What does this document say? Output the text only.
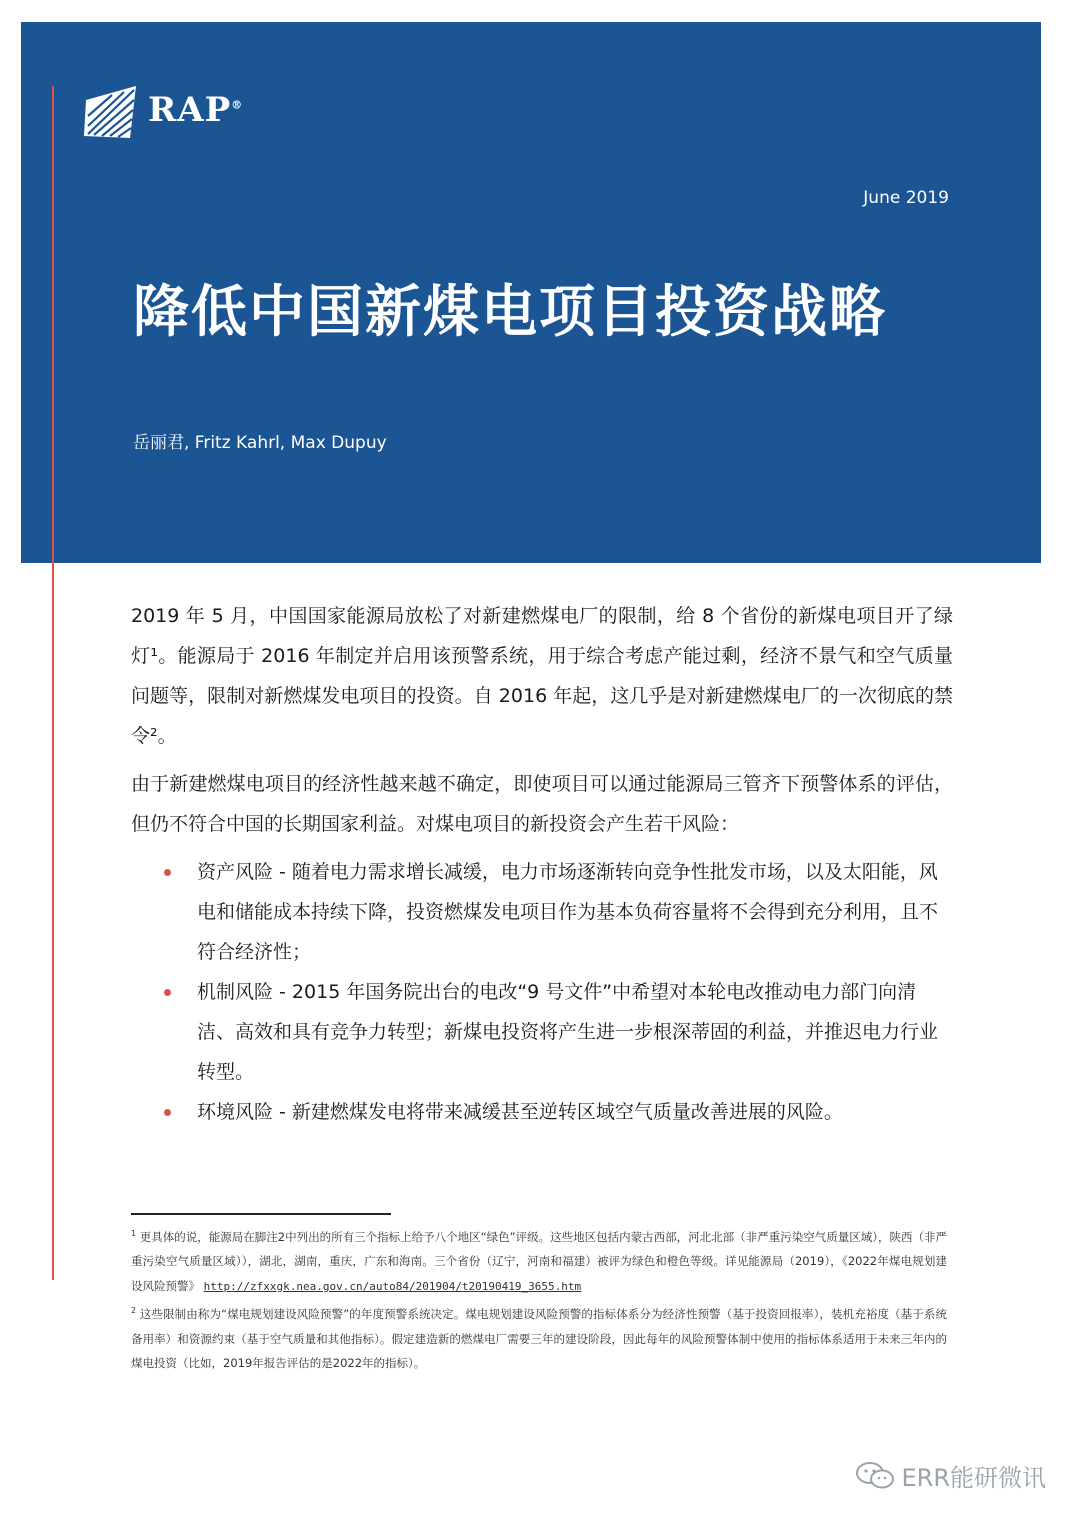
RAP®
June 2019
降低中国新煤电项目投资战略
岳丽君, Fritz Kahrl, Max Dupuy

2019 年 5 月，中国国家能源局放松了对新建燃煤电厂的限制，给 8 个省份的新煤电项目开了绿灯¹。能源局于 2016 年制定并启用该预警系统，用于综合考虑产能过剩，经济不景气和空气质量问题等，限制对新燃煤发电项目的投资。自 2016 年起，这几乎是对新建燃煤电厂的一次彻底的禁令²。

由于新建燃煤电项目的经济性越来越不确定，即使项目可以通过能源局三管齐下预警体系的评估，但仍不符合中国的长期国家利益。对煤电项目的新投资会产生若干风险：

资产风险 - 随着电力需求增长减缓，电力市场逐渐转向竞争性批发市场，以及太阳能，风电和储能成本持续下降，投资燃煤发电项目作为基本负荷容量将不会得到充分利用，且不符合经济性；
机制风险 - 2015 年国务院出台的电改“9 号文件”中希望对本轮电改推动电力部门向清洁、高效和具有竞争力转型；新煤电投资将产生进一步根深蒂固的利益，并推迟电力行业转型。
环境风险 - 新建燃煤发电将带来减缓甚至逆转区域空气质量改善进展的风险。

$^1$ 更具体的说，能源局在脚注2中列出的所有三个指标上给予八个地区“绿色”评级。这些地区包括内蒙古西部，河北北部（非严重污染空气质量区域），陕西（非严重污染空气质量区域）），湖北，湖南，重庆，广东和海南。三个省份（辽宁，河南和福建）被评为绿色和橙色等级。详见能源局（2019），《2022年煤电规划建设风险预警》 http://zfxxgk.nea.gov.cn/auto84/201904/t20190419_3655.htm

$^2$ 这些限制由称为“煤电规划建设风险预警”的年度预警系统决定。煤电规划建设风险预警的指标体系分为经济性预警（基于投资回报率），装机充裕度（基于系统备用率）和资源约束（基于空气质量和其他指标）。假定建造新的燃煤电厂需要三年的建设阶段，因此每年的风险预警体制中使用的指标体系适用于未来三年内的煤电投资（比如，2019年报告评估的是2022年的指标）。

ERR能研微讯
